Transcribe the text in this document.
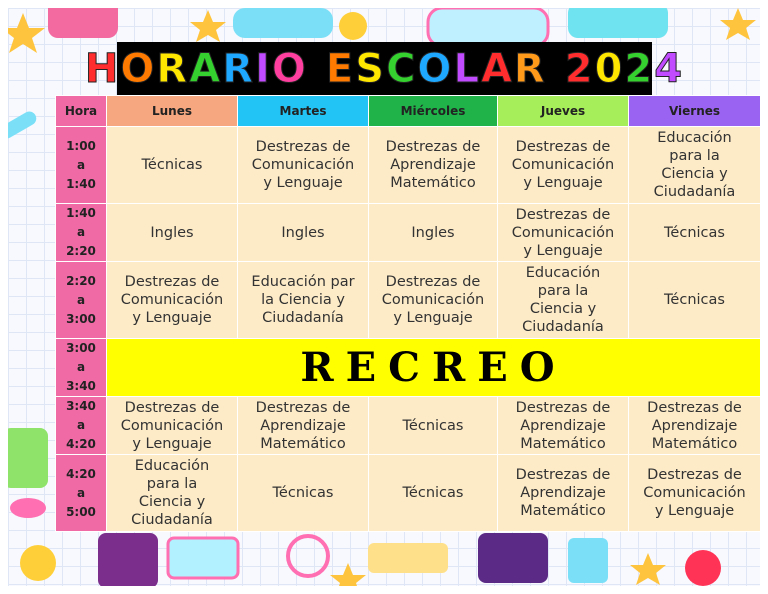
HORARIO ESCOLAR 2024
Hora	Lunes	Martes	Miércoles	Jueves	Viernes
1:00
a
1:40	Técnicas	Destrezas de
Comunicación
y Lenguaje	Destrezas de
Aprendizaje
Matemático	Destrezas de
Comunicación
y Lenguaje	Educación
para la
Ciencia y
Ciudadanía
1:40
a
2:20	Ingles	Ingles	Ingles	Destrezas de
Comunicación
y Lenguaje	Técnicas
2:20
a
3:00	Destrezas de
Comunicación
y Lenguaje	Educación par
la Ciencia y
Ciudadanía	Destrezas de
Comunicación
y Lenguaje	Educación
para la
Ciencia y
Ciudadanía	Técnicas
3:00
a
3:40	RECREO				
3:40
a
4:20	Destrezas de
Comunicación
y Lenguaje	Destrezas de
Aprendizaje
Matemático	Técnicas	Destrezas de
Aprendizaje
Matemático	Destrezas de
Aprendizaje
Matemático
4:20
a
5:00	Educación
para la
Ciencia y
Ciudadanía	Técnicas	Técnicas	Destrezas de
Aprendizaje
Matemático	Destrezas de
Comunicación
y Lenguaje
